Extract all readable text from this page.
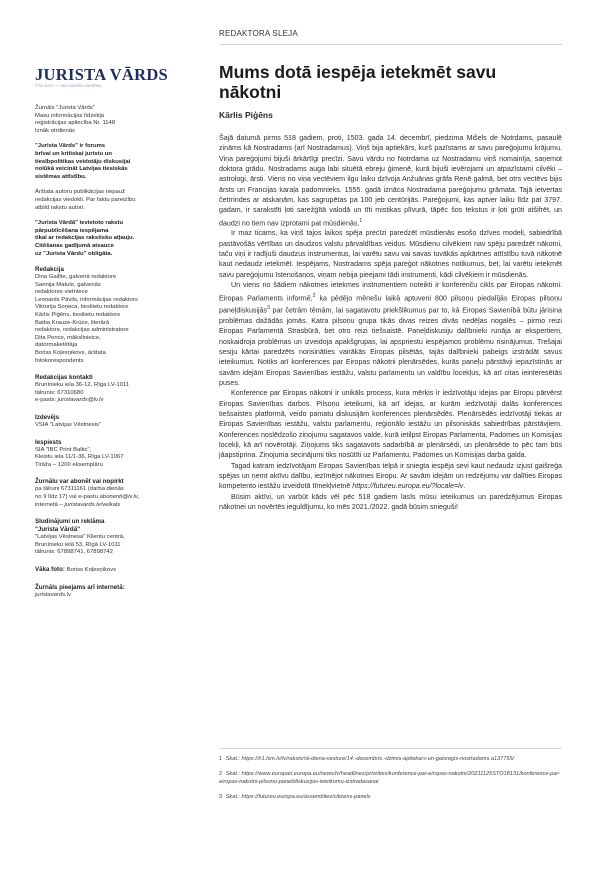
REDAKTORA SLEJA
JURISTA VĀRDS
Uno loco — una iustitia omnibus
Žurnāls "Jurista Vārds"
Masu informācijas līdzekļa
reģistrācijas apliecība Nr. 1148
Iznāk otrdienās
"Jurista Vārds" ir forums
brīvai un kritiskai juristu un
tiesībpolitikas veidotāju diskusijai
nolūkā veicināt Latvijas tiesiskās
sistēmas attīstību.
Ārštata autoru publikācijas nepauž
redakcijas viedokli. Par faktu pareizību
atbild rakstu autori.
"Jurista Vārdā" ievietoto rakstu
pārpublicēšana iespējama
tikai ar redakcijas rakstisku atļauju.
Citēšanas gadījumā atsauce
uz "Jurista Vārdu" obligāta.
Redakcija
Dina Gailīte, galvenā redaktore
Sannija Matule, galvenās
redaktores vietniece
Leonards Pāvils, informācijas redaktors
Viktorija Soņeca, tiesliietu redaktore
Kārlis Piģēns, tiesliietu redaktors
Baiba Krauze-Krūze, literārā
redaktore, redakcijas administratore
Dita Pence, mākslinieice,
datormaketētāja
Boriss Koļesņikovs, ārštata
fotokorespondents
Redakcijas kontakti
Brunīnieku iela 36-12, Rīga LV-1011
tālrunis: 67310680
e-pasts: juristavards@lv.lv
Izdevējs
VSIA "Latvijas Vēstnesis"
Iespiests
SIA "IBC Print Baltic",
Kleistu iela 11/1-36, Rīga LV-1067
Tirāža – 1200 eksemplāru
Žurnālu var abonēt vai nopirkt
pa tālruni 67311161 (darba dienās
no 9 līdz 17) vai e-pastu abonenti@lv.lv,
internetā – juristavards.lv/veikals
Sludinājumi un reklāma
"Jurista Vārdā"
"Latvijas Vēstnesa" Klientu centrā,
Brunīnieku ielā 53, Rīgā LV-1011
tālrunis: 67898741, 67898742
Vāka foto: Boriss Koļesņikovs
Žurnāls pieejams arī internetā:
juristavards.lv
Mums dotā iespēja ietekmēt savu nākotni
Kārlis Piģēns

Šajā datumā pirms 518 gadiem, proti, 1503. gada 14. decembrī, piedzima Mišels de Notrdams, pasaulē zināms kā Nostradams (arī Nostradamus). Viņš bija aptiekārs, kurš pazīstams ar savu pareģojumu krājumu. Viņa pareģojumi bijuši ārkārtīgi precīzi. Savu vārdu no Notrdama uz Nostradamu viņš nomainīja, saņemot doktora grādu. Nostradams auga labi situētā ebreju ģimenē, kurā bijuši ievērojami un atpazīstami cilvēki – astrologi, ārsti. Viens no viņa vectēviem ilgu laiku dzīvoja Anžuānas grāfa Renē galmā, bet otrs vectēvs bijis ārsts un Francijas karaļa padomnieks. 1555. gadā iznāca Nostradama pareģojumu grāmata. Tajā ietvertas četrrindes ar atskaņām, kas sagrupētas pa 100 jeb centūrijās. Pareģojumi, kas aptver laiku līdz pat 3797. gadam, ir sarakstīti ļoti sarežģītā valodā un tīti mistikas plīvurā, tāpēc šos tekstus ir ļoti grūti atšifrēt, un daudzi no tiem nav izprotami pat mūsdienās.$^1$

Ir maz ticams, ka viņš tajos laikos spēja precīzi paredzēt mūsdienās esošo dzīves modeli, sabiedrībā pastāvošās vērtības un daudzos valstu pārvaldības veidus. Mūsdienu cilvēkiem nav spēju paredzēt nākotni, taču viņi ir radījuši daudzus instrumentus, lai varētu savu vai savas tuvākās apkārtnes attīstību tuvā nākotnē kaut nedaudz ietekmēt. Iespējams, Nostradams spēja pareģot nākotnes notikumus, bet, lai varētu ietekmēt savu pareģojumu īstenošanos, viņam nebija pieejami tādi instrumenti, kādi cilvēkiem ir mūsdienās.

Un viens no šādiem nākotnes ietekmes instrumentiem noteikti ir konferenču cikls par Eiropas nākotni. Eiropas Parlaments informē,$^2$ ka pēdējo mēnešu laikā aptuveni 800 pilsoņu piedalījās Eiropas pilsoņu paneļdiskusijās$^3$ par četrām tēmām, lai sagatavotu priekšlikumus par to, kā Eiropas Savienībā būtu jārisina problēmas dažādās jomās. Katra pilsoņu grupa tikās divas reizes divās nedēļas nogalēs – pirmo reizi Eiropas Parlamentā Strasbūrā, bet otro reizi tiešsaistē. Paneļdiskusiju dalībnieki runāja ar ekspertiem, noskaidroja problēmas un izveidoja apakšgrupas, lai apspriestu iespējamos problēmu risinājumus. Trešajai sesiju kārtai paredzēts norisināties vairākās Eiropas pilsētās, tajās dalībnieki pabeigs izstrādāt savus ieteikumus. Notiks arī konferences par Eiropas nākotni plenārsēdes, kurās paneļu pārstāvji iepazīstinās ar savām idejām Eiropas Savienības iestāžu, valstu parlamentu un valdību locekļus, kā arī citas ieinteresētās puses.

Konference par Eiropas nākotni ir unikāls process, kura mērķis ir iedzīvotāju idejas par Eiropu pārvērst Eiropas Savienības darbos. Pilsoņu ieteikumi, kā arī idejas, ar kurām iedzīvotāji dalās konferences tiešsaistes platformā, veido pamatu diskusijām konferences plenārsēdēs. Plenārsēdēs iedzīvotāji tiekas ar Eiropas Savienības iestāžu, valstu parlamentu, reģionālo iestāžu un pilsoniskās sabiedrības pārstāvjiem. Konferences noslēdzošo ziņojumu sagatavos valde, kurā ietilpst Eiropas Parlamenta, Padomes un Komisijas locekļi, kā arī novērotāji. Ziņojums tiks sagatavots sadarbībā ar plenārsēdi, un plenārsēde to pēc tam būs jāapstiprina. Ziņojuma secinājumi tiks nosūtīti uz Parlamentu, Padomes un Komisijas darba galda.

Tagad katram iedzīvotājam Eiropas Savienības telpā ir sniegta iespēja sevi kaut nedaudz izjust gaišreģa spējas un ņemt aktīvu dalību, iezīmējot nākotnes Eiropu. Ar savām idejām un redzējumu var dalīties Eiropas kompetento iestāžu izveidotā tīmekļvietnē https://futureu.europa.eu/?locale=lv.

Būsim aktīvi, un varbūt kāds vēl pēc 518 gadiem lasīs mūsu ieteikumus un paredzējumus Eiropas nākotnei un novērtēs ieguldījumu, ko mēs 2021./2022. gadā būsim snieguši!

1 Skat.: https://lr1.lsm.lv/lv/raksts/sii-diena-vesture/14.-decembris.-dzimis-aptiekars-un-gaisregis-nostradams.a137755/
2 Skat.: https://www.europarl.europa.eu/news/lv/headlines/priorities/konference-par-eiropas-nakotni/20211125STO18131/konference-par-eiropas-nakotni-pilsonu-panelidiskusijas-ieteikumu-izstradasanai
3 Skat.: https://futureu.europa.eu/assemblies/citizens-panels
